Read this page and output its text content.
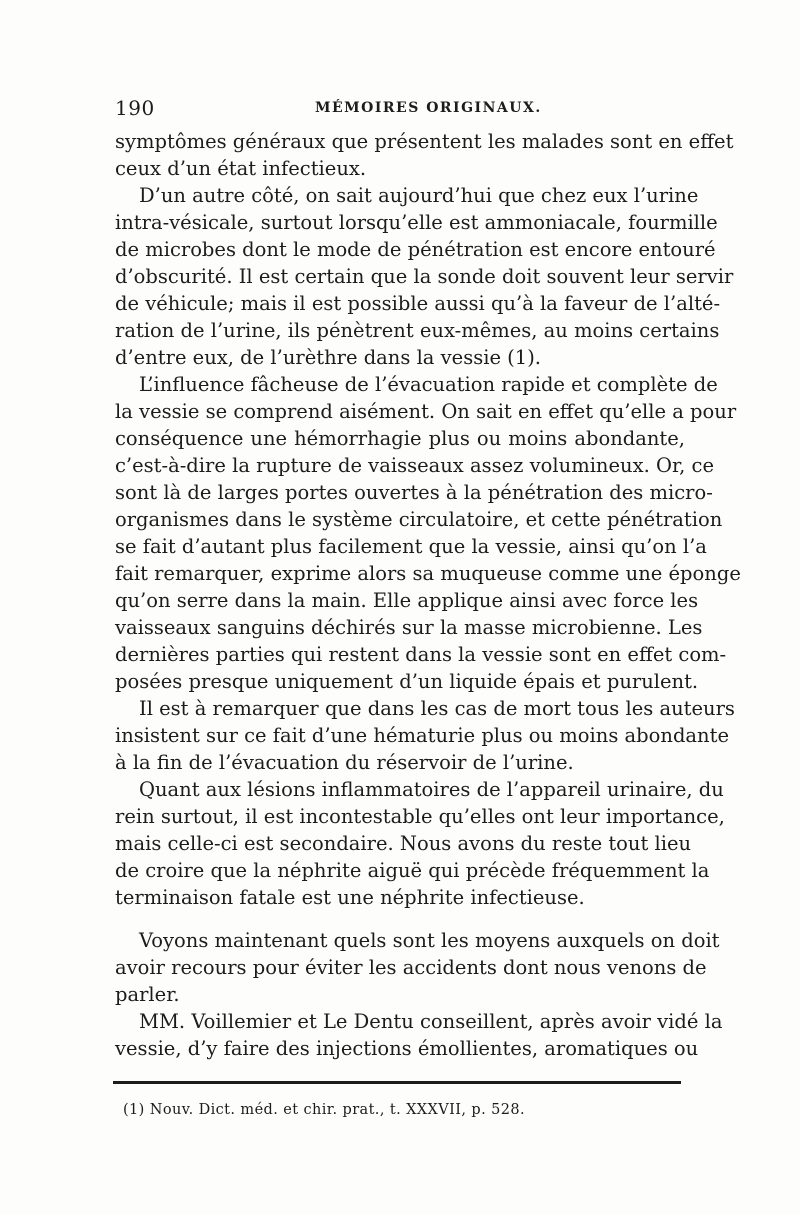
190	MÉMOIRES ORIGINAUX.
symptômes généraux que présentent les malades sont en effet
ceux d’un état infectieux.
D’un autre côté, on sait aujourd’hui que chez eux l’urine
intra-vésicale, surtout lorsqu’elle est ammoniacale, fourmille
de microbes dont le mode de pénétration est encore entouré
d’obscurité. Il est certain que la sonde doit souvent leur servir
de véhicule; mais il est possible aussi qu’à la faveur de l’alté-
ration de l’urine, ils pénètrent eux-mêmes, au moins certains
d’entre eux, de l’urèthre dans la vessie (1).
L’influence fâcheuse de l’évacuation rapide et complète de
la vessie se comprend aisément. On sait en effet qu’elle a pour
conséquence une hémorrhagie plus ou moins abondante,
c’est-à-dire la rupture de vaisseaux assez volumineux. Or, ce
sont là de larges portes ouvertes à la pénétration des micro-
organismes dans le système circulatoire, et cette pénétration
se fait d’autant plus facilement que la vessie, ainsi qu’on l’a
fait remarquer, exprime alors sa muqueuse comme une éponge
qu’on serre dans la main. Elle applique ainsi avec force les
vaisseaux sanguins déchirés sur la masse microbienne. Les
dernières parties qui restent dans la vessie sont en effet com-
posées presque uniquement d’un liquide épais et purulent.
Il est à remarquer que dans les cas de mort tous les auteurs
insistent sur ce fait d’une hématurie plus ou moins abondante
à la fin de l’évacuation du réservoir de l’urine.
Quant aux lésions inflammatoires de l’appareil urinaire, du
rein surtout, il est incontestable qu’elles ont leur importance,
mais celle-ci est secondaire. Nous avons du reste tout lieu
de croire que la néphrite aiguë qui précède fréquemment la
terminaison fatale est une néphrite infectieuse.
Voyons maintenant quels sont les moyens auxquels on doit
avoir recours pour éviter les accidents dont nous venons de
parler.
MM. Voillemier et Le Dentu conseillent, après avoir vidé la
vessie, d’y faire des injections émollientes, aromatiques ou
(1) Nouv. Dict. méd. et chir. prat., t. XXXVII, p. 528.
